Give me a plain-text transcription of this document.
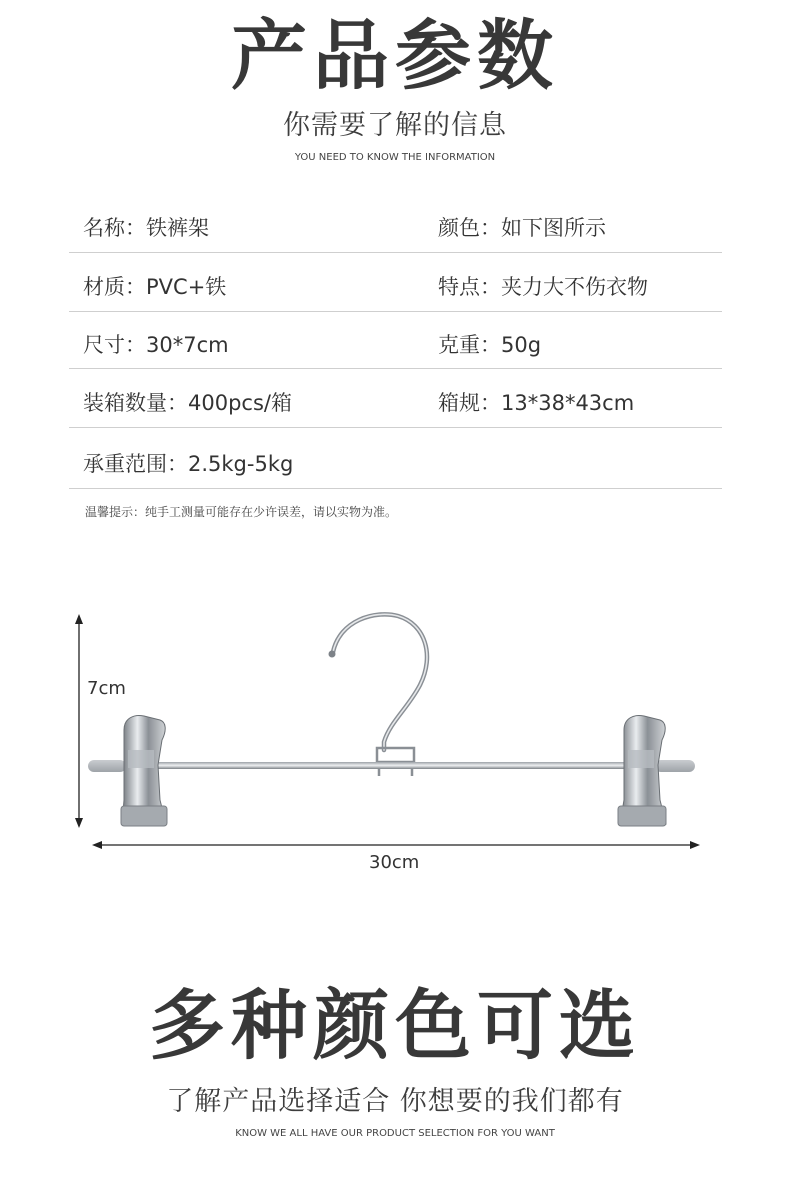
产品参数
你需要了解的信息
YOU NEED TO KNOW THE INFORMATION
名称：铁裤架	颜色：如下图所示
材质：PVC+铁	特点：夹力大不伤衣物
尺寸：30*7cm	克重：50g
装箱数量：400pcs/箱	箱规：13*38*43cm
承重范围：2.5kg-5kg
温馨提示：纯手工测量可能存在少许误差，请以实物为准。
7cm
30cm
多种颜色可选
了解产品选择适合 你想要的我们都有
KNOW WE ALL HAVE OUR PRODUCT SELECTION FOR YOU WANT
